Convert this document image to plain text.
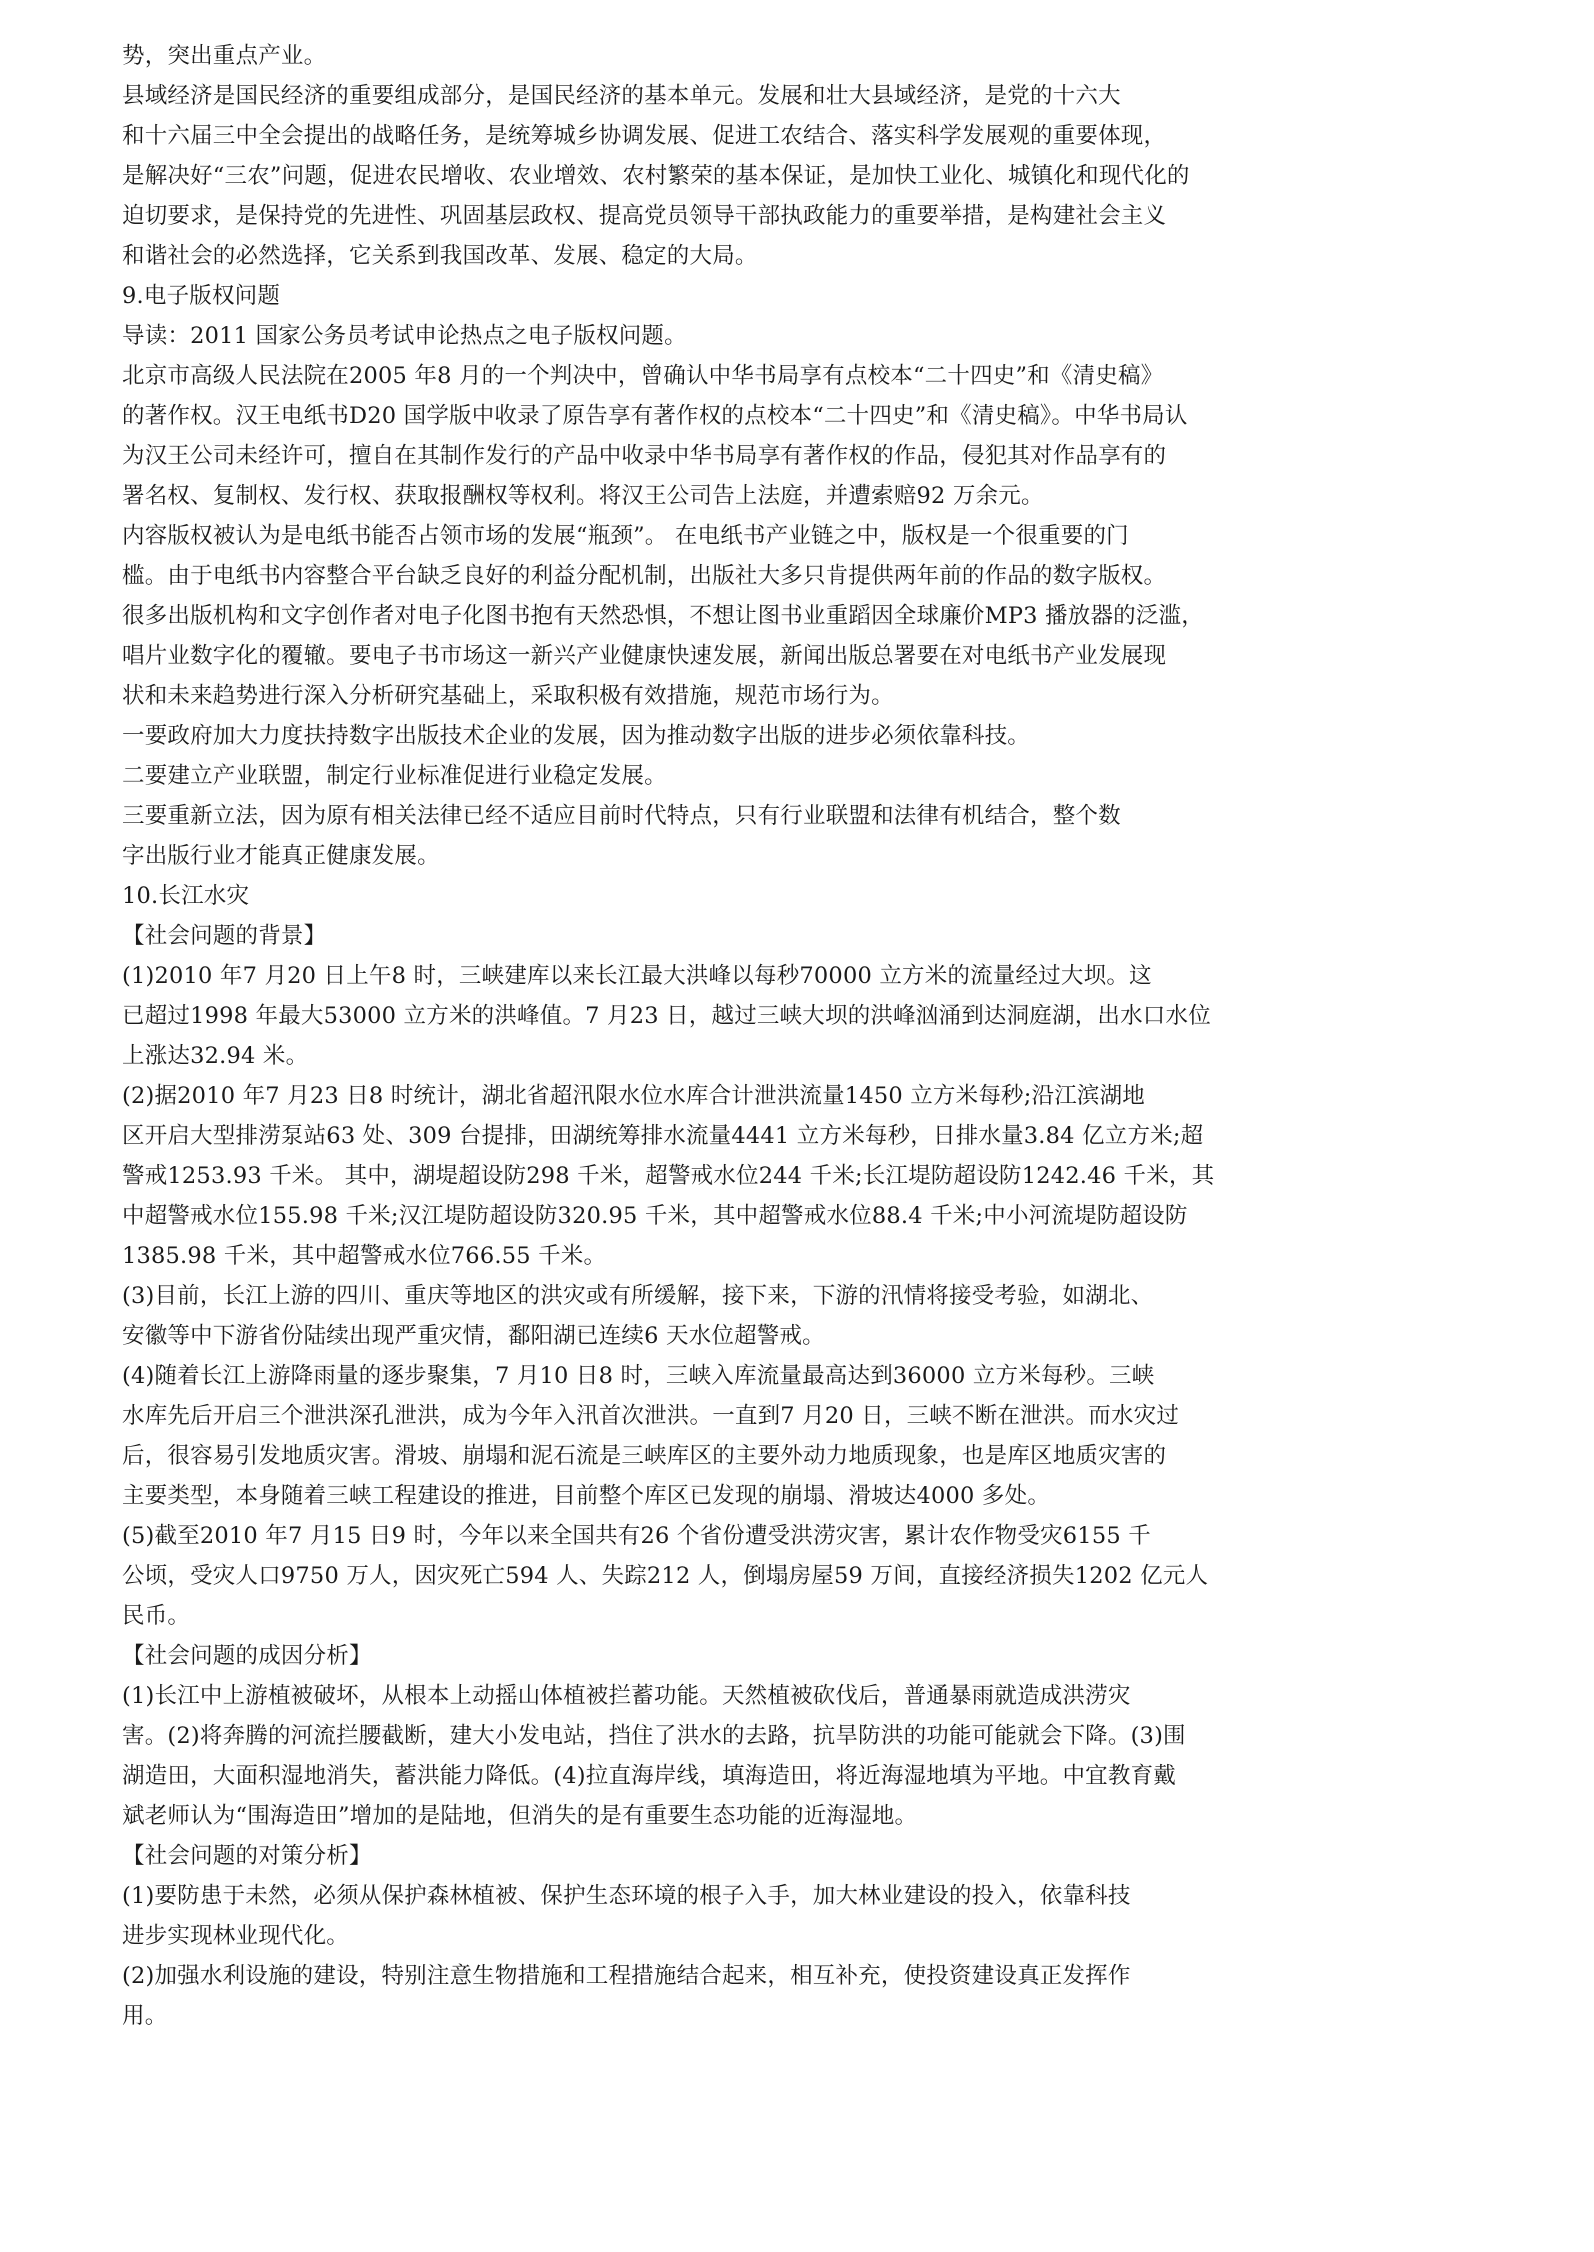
势，突出重点产业。
县域经济是国民经济的重要组成部分，是国民经济的基本单元。发展和壮大县域经济，是党的十六大
和十六届三中全会提出的战略任务，是统筹城乡协调发展、促进工农结合、落实科学发展观的重要体现，
是解决好“三农”问题，促进农民增收、农业增效、农村繁荣的基本保证，是加快工业化、城镇化和现代化的
迫切要求，是保持党的先进性、巩固基层政权、提高党员领导干部执政能力的重要举措，是构建社会主义
和谐社会的必然选择，它关系到我国改革、发展、稳定的大局。
9.电子版权问题
导读：2011 国家公务员考试申论热点之电子版权问题。
北京市高级人民法院在2005 年8 月的一个判决中，曾确认中华书局享有点校本“二十四史”和《清史稿》
的著作权。汉王电纸书D20 国学版中收录了原告享有著作权的点校本“二十四史”和《清史稿》。中华书局认
为汉王公司未经许可，擅自在其制作发行的产品中收录中华书局享有著作权的作品，侵犯其对作品享有的
署名权、复制权、发行权、获取报酬权等权利。将汉王公司告上法庭，并遭索赔92 万余元。
内容版权被认为是电纸书能否占领市场的发展“瓶颈”。 在电纸书产业链之中，版权是一个很重要的门
槛。由于电纸书内容整合平台缺乏良好的利益分配机制，出版社大多只肯提供两年前的作品的数字版权。
很多出版机构和文字创作者对电子化图书抱有天然恐惧，不想让图书业重蹈因全球廉价MP3 播放器的泛滥，
唱片业数字化的覆辙。要电子书市场这一新兴产业健康快速发展，新闻出版总署要在对电纸书产业发展现
状和未来趋势进行深入分析研究基础上，采取积极有效措施，规范市场行为。
一要政府加大力度扶持数字出版技术企业的发展，因为推动数字出版的进步必须依靠科技。
二要建立产业联盟，制定行业标准促进行业稳定发展。
三要重新立法，因为原有相关法律已经不适应目前时代特点，只有行业联盟和法律有机结合，整个数
字出版行业才能真正健康发展。
10.长江水灾
【社会问题的背景】
(1)2010 年7 月20 日上午8 时，三峡建库以来长江最大洪峰以每秒70000 立方米的流量经过大坝。这
已超过1998 年最大53000 立方米的洪峰值。7 月23 日，越过三峡大坝的洪峰汹涌到达洞庭湖，出水口水位
上涨达32.94 米。
(2)据2010 年7 月23 日8 时统计，湖北省超汛限水位水库合计泄洪流量1450 立方米每秒;沿江滨湖地
区开启大型排涝泵站63 处、309 台提排，田湖统筹排水流量4441 立方米每秒，日排水量3.84 亿立方米;超
警戒1253.93 千米。 其中，湖堤超设防298 千米，超警戒水位244 千米;长江堤防超设防1242.46 千米，其
中超警戒水位155.98 千米;汉江堤防超设防320.95 千米，其中超警戒水位88.4 千米;中小河流堤防超设防
1385.98 千米，其中超警戒水位766.55 千米。
(3)目前，长江上游的四川、重庆等地区的洪灾或有所缓解，接下来，下游的汛情将接受考验，如湖北、
安徽等中下游省份陆续出现严重灾情，鄱阳湖已连续6 天水位超警戒。
(4)随着长江上游降雨量的逐步聚集，7 月10 日8 时，三峡入库流量最高达到36000 立方米每秒。三峡
水库先后开启三个泄洪深孔泄洪，成为今年入汛首次泄洪。一直到7 月20 日，三峡不断在泄洪。而水灾过
后，很容易引发地质灾害。滑坡、崩塌和泥石流是三峡库区的主要外动力地质现象，也是库区地质灾害的
主要类型，本身随着三峡工程建设的推进，目前整个库区已发现的崩塌、滑坡达4000 多处。
(5)截至2010 年7 月15 日9 时，今年以来全国共有26 个省份遭受洪涝灾害，累计农作物受灾6155 千
公顷，受灾人口9750 万人，因灾死亡594 人、失踪212 人，倒塌房屋59 万间，直接经济损失1202 亿元人
民币。
【社会问题的成因分析】
(1)长江中上游植被破坏，从根本上动摇山体植被拦蓄功能。天然植被砍伐后，普通暴雨就造成洪涝灾
害。(2)将奔腾的河流拦腰截断，建大小发电站，挡住了洪水的去路，抗旱防洪的功能可能就会下降。(3)围
湖造田，大面积湿地消失，蓄洪能力降低。(4)拉直海岸线，填海造田，将近海湿地填为平地。中宜教育戴
斌老师认为“围海造田”增加的是陆地，但消失的是有重要生态功能的近海湿地。
【社会问题的对策分析】
(1)要防患于未然，必须从保护森林植被、保护生态环境的根子入手，加大林业建设的投入，依靠科技
进步实现林业现代化。
(2)加强水利设施的建设，特别注意生物措施和工程措施结合起来，相互补充，使投资建设真正发挥作
用。
